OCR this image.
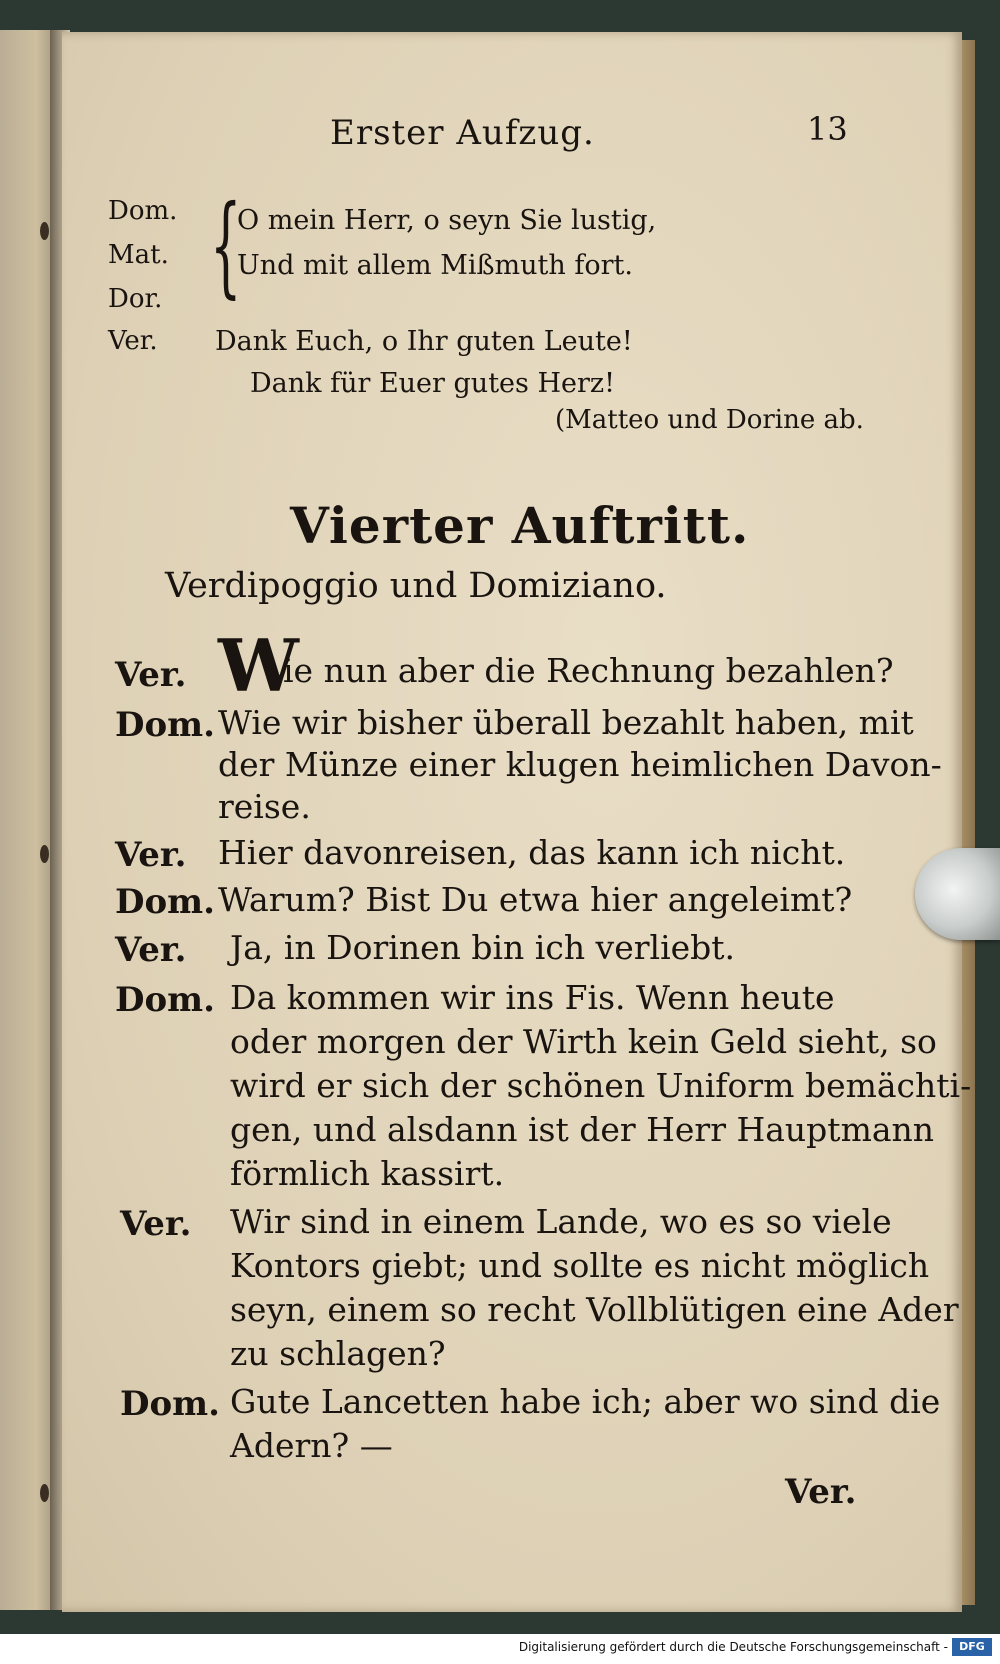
Erster Aufzug.	13
Dom.
Mat.
Dor. {
O mein Herr, o seyn Sie lustig,
Und mit allem Mißmuth fort.
Ver. Dank Euch, o Ihr guten Leute!
Dank für Euer gutes Herz!
(Matteo und Dorine ab.
Vierter Auftritt.
Verdipoggio und Domiziano.
Ver. W
ie nun aber die Rechnung bezahlen?
Dom. Wie wir bisher überall bezahlt haben, mit
der Münze einer klugen heimlichen Davon-
reise.
Ver. Hier davonreisen, das kann ich nicht.
Dom. Warum? Bist Du etwa hier angeleimt?
Ver. Ja, in Dorinen bin ich verliebt.
Dom. Da kommen wir ins Fis. Wenn heute
oder morgen der Wirth kein Geld sieht, so
wird er sich der schönen Uniform bemächti-
gen, und alsdann ist der Herr Hauptmann
förmlich kassirt.
Ver. Wir sind in einem Lande, wo es so viele
Kontors giebt; und sollte es nicht möglich
seyn, einem so recht Vollblütigen eine Ader
zu schlagen?
Dom. Gute Lancetten habe ich; aber wo sind die
Adern? —
Ver.
Digitalisierung gefördert durch die Deutsche Forschungsgemeinschaft -	DFG
